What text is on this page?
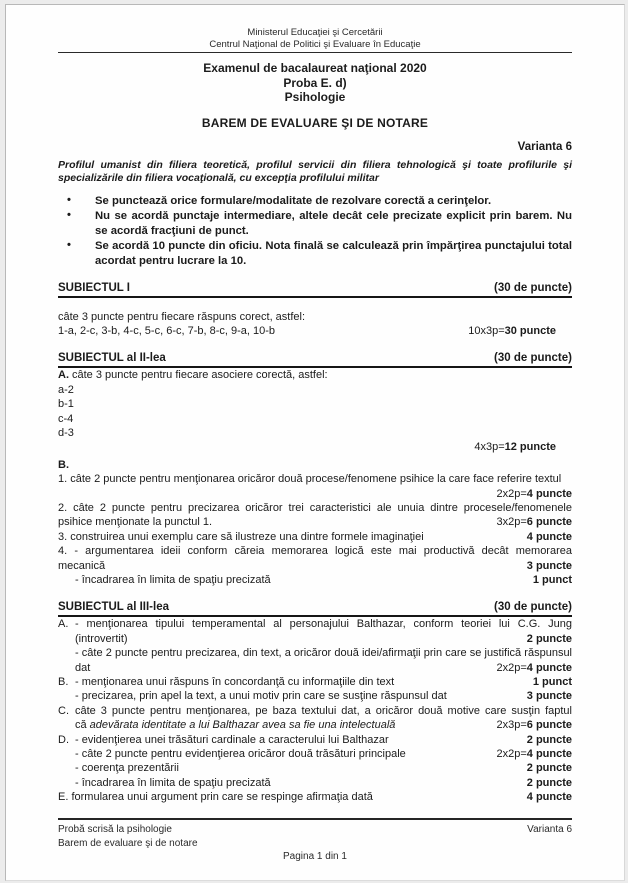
Ministerul Educaţiei şi Cercetării
Centrul Naţional de Politici şi Evaluare în Educaţie
Examenul de bacalaureat naţional 2020
Proba E. d)
Psihologie
BAREM DE EVALUARE ŞI DE NOTARE
Varianta 6
Profilul umanist din filiera teoretică, profilul servicii din filiera tehnologică şi toate profilurile şi specializările din filiera vocaţională, cu excepţia profilului militar
• Se punctează orice formulare/modalitate de rezolvare corectă a cerinţelor.
• Nu se acordă punctaje intermediare, altele decât cele precizate explicit prin barem. Nu se acordă fracţiuni de punct.
• Se acordă 10 puncte din oficiu. Nota finală se calculează prin împărţirea punctajului total acordat pentru lucrare la 10.
SUBIECTUL I	(30 de puncte)
câte 3 puncte pentru fiecare răspuns corect, astfel:
1-a, 2-c, 3-b, 4-c, 5-c, 6-c, 7-b, 8-c, 9-a, 10-b	10x3p=30 puncte
SUBIECTUL al II-lea	(30 de puncte)
A. câte 3 puncte pentru fiecare asociere corectă, astfel:
a-2
b-1
c-4
d-3
4x3p=12 puncte
B.
1. câte 2 puncte pentru menţionarea oricăror două procese/fenomene psihice la care face referire textul
2x2p=4 puncte
2. câte 2 puncte pentru precizarea oricăror trei caracteristici ale unuia dintre procesele/fenomenele psihice menţionate la punctul 1.	3x2p=6 puncte
3. construirea unui exemplu care să ilustreze una dintre formele imaginaţiei	4 puncte
4. - argumentarea ideii conform căreia memorarea logică este mai productivă decât memorarea mecanică	3 puncte
- încadrarea în limita de spaţiu precizată	1 punct
SUBIECTUL al III-lea	(30 de puncte)
A. - menţionarea tipului temperamental al personajului Balthazar, conform teoriei lui C.G. Jung (introvertit)	2 puncte
- câte 2 puncte pentru precizarea, din text, a oricăror două idei/afirmaţii prin care se justifică răspunsul dat	2x2p=4 puncte
B. - menţionarea unui răspuns în concordanţă cu informaţiile din text	1 punct
- precizarea, prin apel la text, a unui motiv prin care se susţine răspunsul dat	3 puncte
C. câte 3 puncte pentru menţionarea, pe baza textului dat, a oricăror două motive care susţin faptul că adevărata identitate a lui Balthazar avea sa fie una intelectuală	2x3p=6 puncte
D. - evidenţierea unei trăsături cardinale a caracterului lui Balthazar	2 puncte
- câte 2 puncte pentru evidenţierea oricăror două trăsături principale	2x2p=4 puncte
- coerenţa prezentării	2 puncte
- încadrarea în limita de spaţiu precizată	2 puncte
E. formularea unui argument prin care se respinge afirmaţia dată	4 puncte
Probă scrisă la psihologie	Varianta 6
Barem de evaluare şi de notare
Pagina 1 din 1
